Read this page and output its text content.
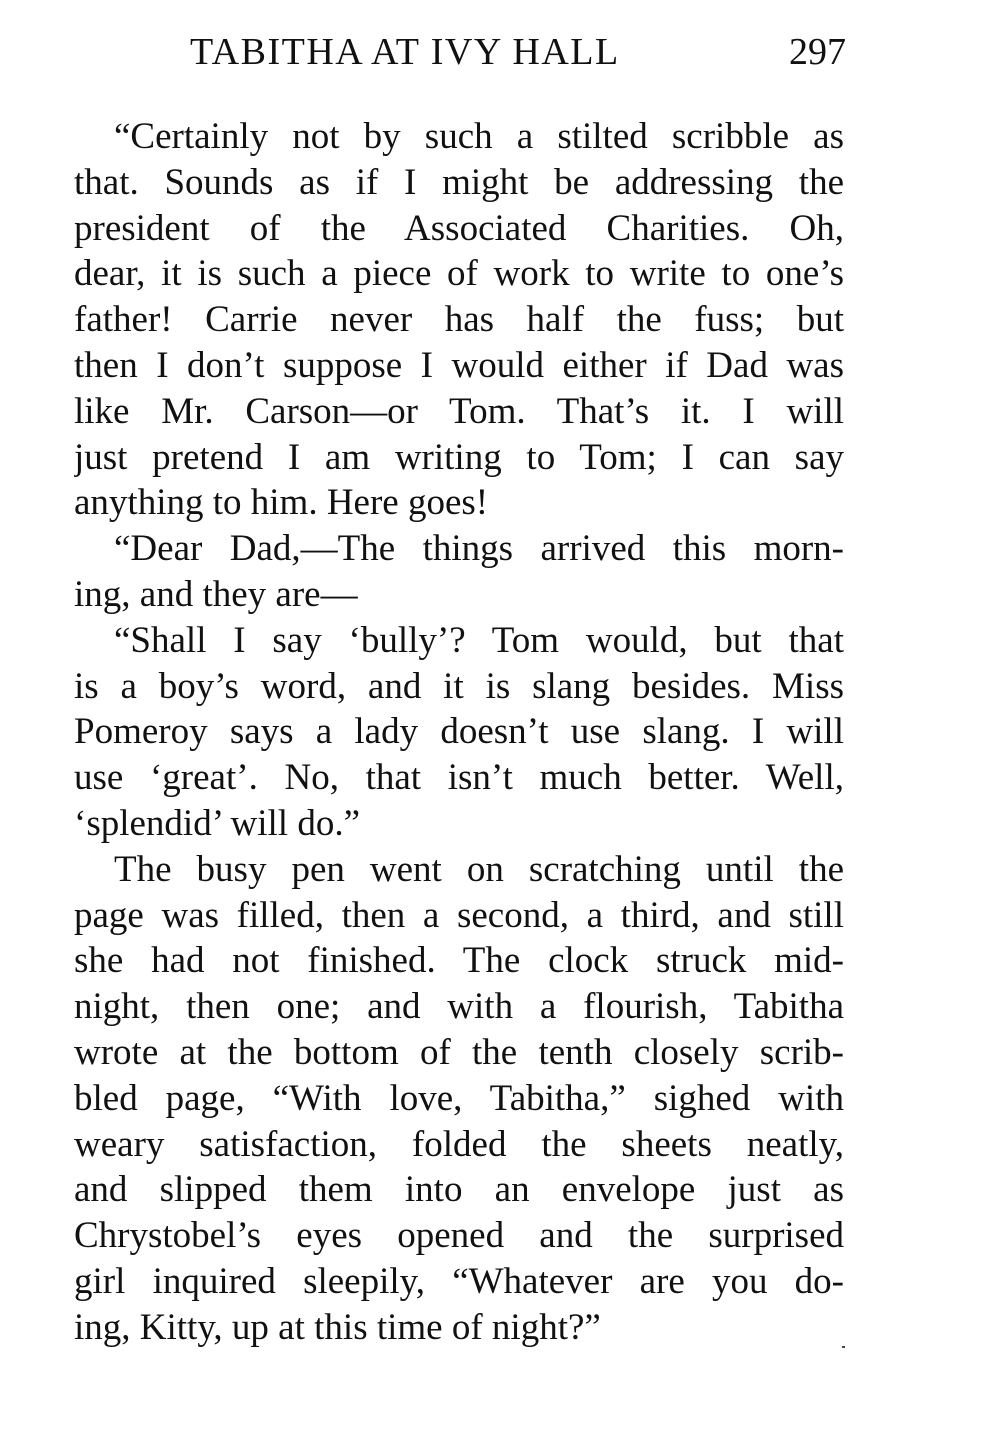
TABITHA AT IVY HALL	297
“Certainly not by such a stilted scribble as
that. Sounds as if I might be addressing the
president of the Associated Charities. Oh,
dear, it is such a piece of work to write to one’s
father! Carrie never has half the fuss; but
then I don’t suppose I would either if Dad was
like Mr. Carson—or Tom. That’s it. I will
just pretend I am writing to Tom; I can say
anything to him. Here goes!
“Dear Dad,—The things arrived this morn-
ing, and they are—
“Shall I say ‘bully’? Tom would, but that
is a boy’s word, and it is slang besides. Miss
Pomeroy says a lady doesn’t use slang. I will
use ‘great’. No, that isn’t much better. Well,
‘splendid’ will do.”
The busy pen went on scratching until the
page was filled, then a second, a third, and still
she had not finished. The clock struck mid-
night, then one; and with a flourish, Tabitha
wrote at the bottom of the tenth closely scrib-
bled page, “With love, Tabitha,” sighed with
weary satisfaction, folded the sheets neatly,
and slipped them into an envelope just as
Chrystobel’s eyes opened and the surprised
girl inquired sleepily, “Whatever are you do-
ing, Kitty, up at this time of night?”
